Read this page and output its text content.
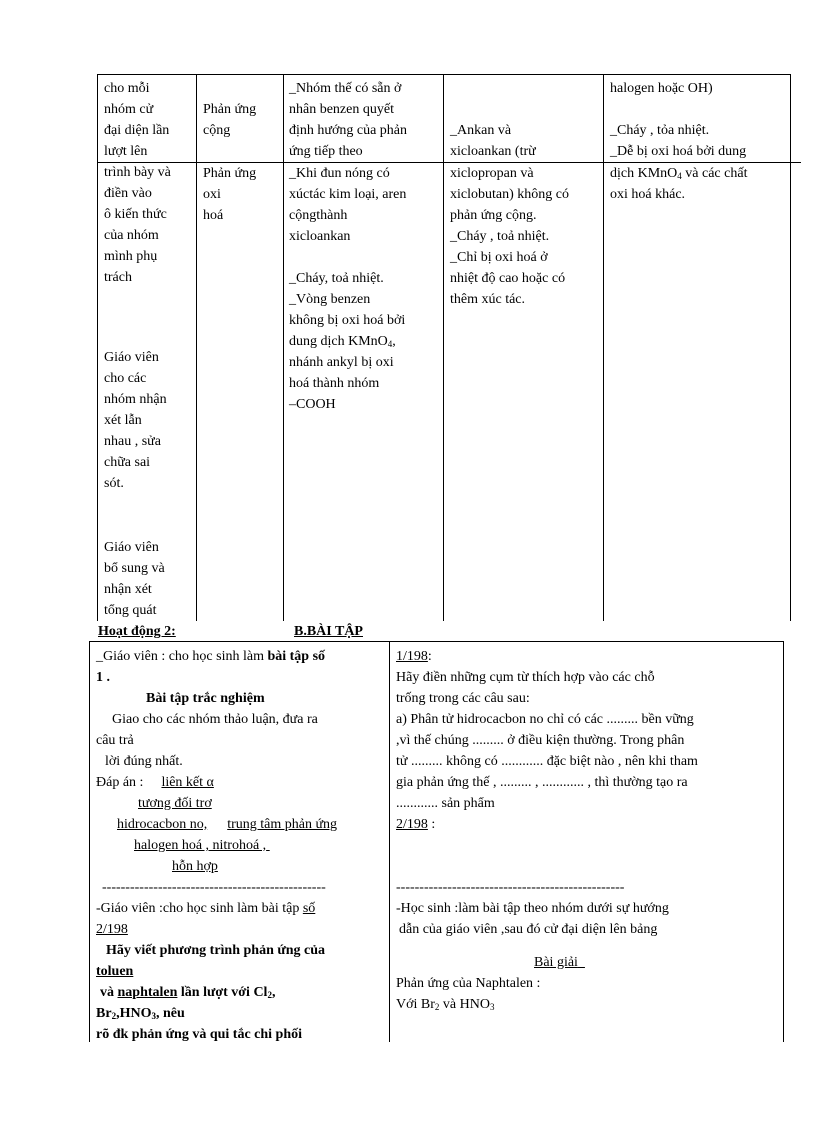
cho mỗi
nhóm cử
đại diện lần
lượt lên
trình bày và
điền vào
ô kiến thức
của nhóm
mình phụ
trách
Giáo viên
cho các
nhóm nhận
xét lẫn
nhau , sửa
chữa sai
sót.
Giáo viên
bổ sung và
nhận xét
tổng quát
Phản ứng
cộng
Phản ứng
oxi
hoá
_Nhóm thế có sẵn ở
nhân benzen quyết
định hướng của phản
ứng tiếp theo
_Khi đun nóng có
xúctác kim loại, aren
cộngthành
xicloankan
_Cháy, toả nhiệt.
_Vòng benzen
không bị oxi hoá bởi
dung dịch KMnO$_4$,
nhánh ankyl bị oxi
hoá thành nhóm
–COOH
_Ankan và
xicloankan (trừ
xiclopropan và
xiclobutan) không có
phản ứng cộng.
_Cháy , toả nhiệt.
_Chỉ bị oxi hoá ở
nhiệt độ cao hoặc có
thêm xúc tác.
halogen hoặc OH)
_Cháy , tỏa nhiệt.
_Dễ bị oxi hoá bởi dung
dịch KMnO$_4$ và các chất
oxi hoá khác.
Hoạt động 2:	B.BÀI TẬP
_Giáo viên : cho học sinh làm bài tập số
1 .
Bài tập trắc nghiệm
Giao cho các nhóm thảo luận, đưa ra
câu trả
lời đúng nhất.
Đáp án : liên kết α
tương đối trơ
hidrocacbon no, trung tâm phản ứng
halogen hoá , nitrohoá ,
hỗn hợp
------------------------------------------------
-Giáo viên :cho học sinh làm bài tập số
2/198
Hãy viết phương trình phản ứng của
toluen
và naphtalen lần lượt với $Cl_2$,
$Br_2,HNO_3$, nêu
rõ đk phản ứng và qui tắc chi phối
1/198:
Hãy điền những cụm từ thích hợp vào các chỗ
trống trong các câu sau:
a) Phân tử hidrocacbon no chỉ có các ......... bền vững
,vì thế chúng ......... ở điều kiện thường. Trong phân
tử ......... không có ............ đặc biệt nào , nên khi tham
gia phản ứng thế , ......... , ............ , thì thường tạo ra
............ sản phẩm
2/198 :
-------------------------------------------------
-Học sinh :làm bài tập theo nhóm dưới sự hướng
dẫn của giáo viên ,sau đó cử đại diện lên bảng
Bài giải
Phản ứng của Naphtalen :
Với $Br_2$ và $HNO_3$
